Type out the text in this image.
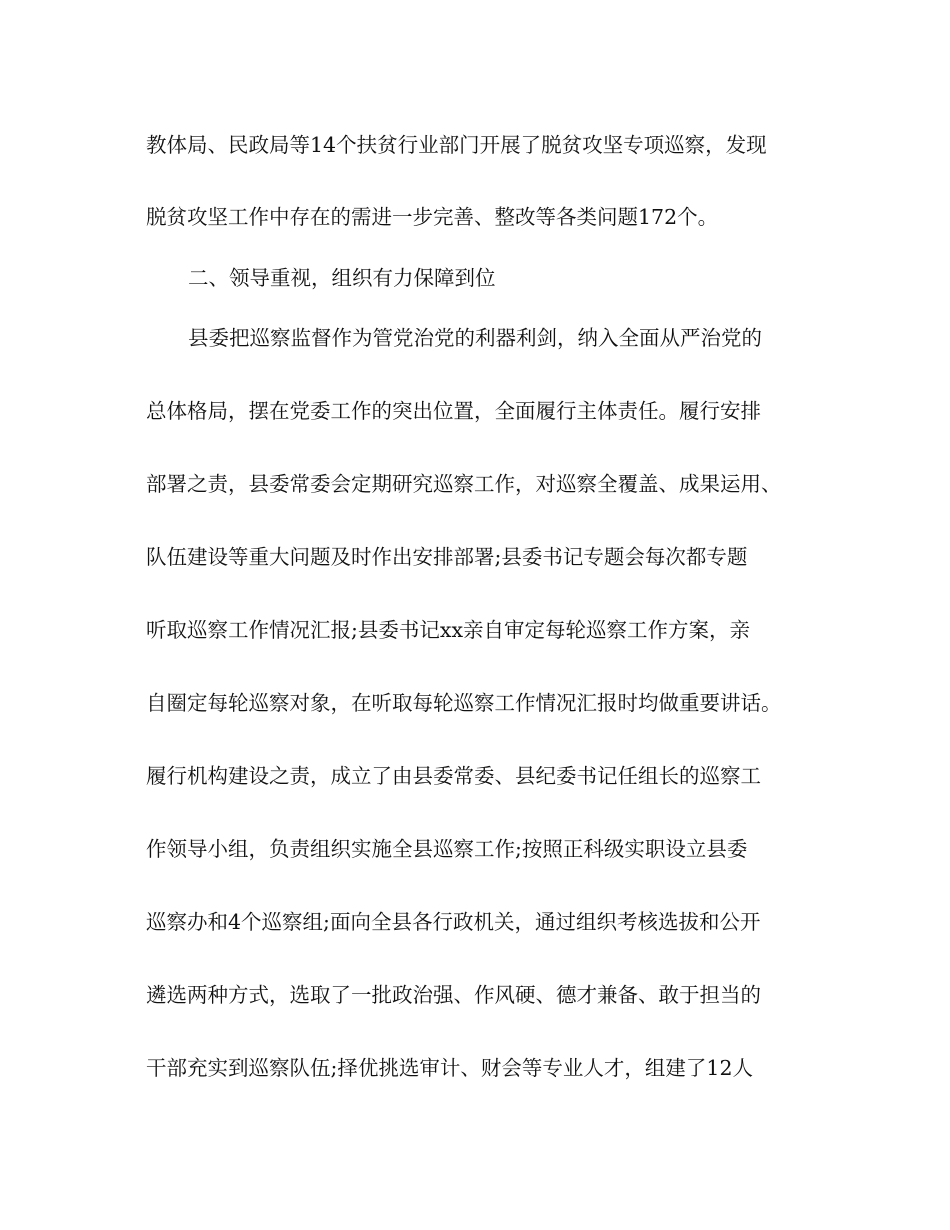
教体局、民政局等14个扶贫行业部门开展了脱贫攻坚专项巡察，发现
脱贫攻坚工作中存在的需进一步完善、整改等各类问题172个。
二、领导重视，组织有力保障到位
县委把巡察监督作为管党治党的利器利剑，纳入全面从严治党的
总体格局，摆在党委工作的突出位置，全面履行主体责任。履行安排
部署之责，县委常委会定期研究巡察工作，对巡察全覆盖、成果运用、
队伍建设等重大问题及时作出安排部署;县委书记专题会每次都专题
听取巡察工作情况汇报;县委书记xx亲自审定每轮巡察工作方案，亲
自圈定每轮巡察对象，在听取每轮巡察工作情况汇报时均做重要讲话。
履行机构建设之责，成立了由县委常委、县纪委书记任组长的巡察工
作领导小组，负责组织实施全县巡察工作;按照正科级实职设立县委
巡察办和4个巡察组;面向全县各行政机关，通过组织考核选拔和公开
遴选两种方式，选取了一批政治强、作风硬、德才兼备、敢于担当的
干部充实到巡察队伍;择优挑选审计、财会等专业人才，组建了12人
